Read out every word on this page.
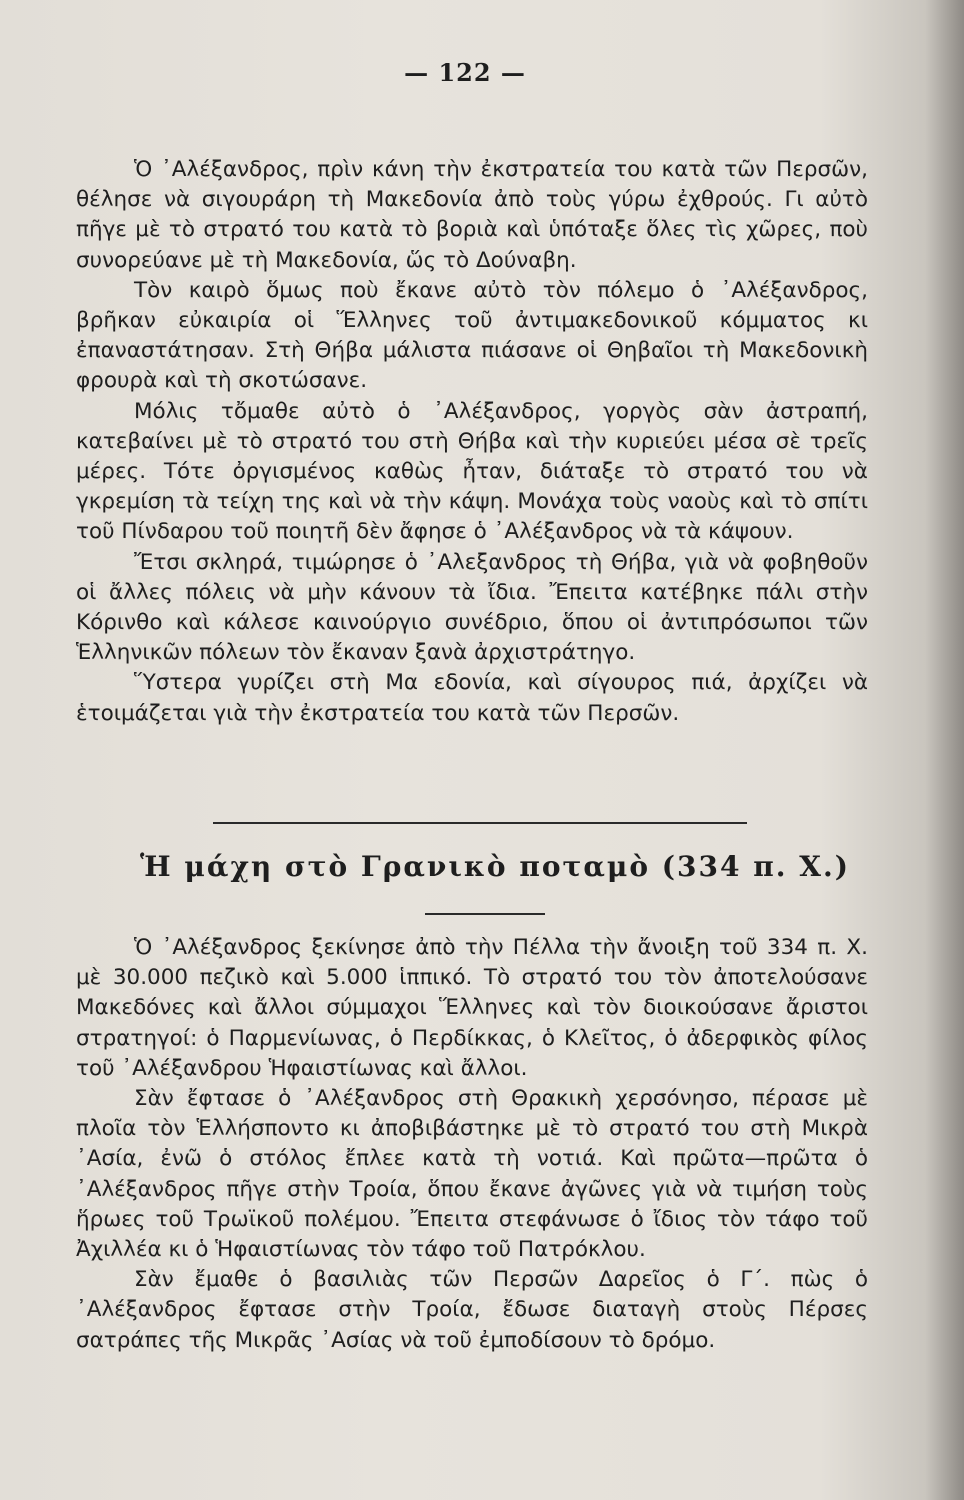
— 122 —

Ὁ ᾿Αλέξανδρος, πρὶν κάνη τὴν ἐκστρατεία του κατὰ τῶν Περσῶν, θέλησε νὰ σιγουράρη τὴ Μακεδονία ἀπὸ τοὺς γύρω ἐχθρούς. Γι αὐτὸ πῆγε μὲ τὸ στρατό του κατὰ τὸ βοριὰ καὶ ὑπόταξε ὅλες τὶς χῶρες, ποὺ συνορεύανε μὲ τὴ Μακεδονία, ὥς τὸ Δούναβη.

Τὸν καιρὸ ὅμως ποὺ ἔκανε αὐτὸ τὸν πόλεμο ὁ ᾿Αλέξανδρος, βρῆκαν εὐκαιρία οἱ Ἕλληνες τοῦ ἀντιμακεδονικοῦ κόμματος κι ἐπαναστάτησαν. Στὴ Θήβα μάλιστα πιάσανε οἱ Θηβαῖοι τὴ Μακεδονικὴ φρουρὰ καὶ τὴ σκοτώσανε.

Μόλις τὄμαθε αὐτὸ ὁ ᾿Αλέξανδρος, γοργὸς σὰν ἀστραπή, κατεβαίνει μὲ τὸ στρατό του στὴ Θήβα καὶ τὴν κυριεύει μέσα σὲ τρεῖς μέρες. Τότε ὀργισμένος καθὼς ἦταν, διάταξε τὸ στρατό του νὰ γκρεμίση τὰ τείχη της καὶ νὰ τὴν κάψη. Μονάχα τοὺς ναοὺς καὶ τὸ σπίτι τοῦ Πίνδαρου τοῦ ποιητῆ δὲν ἄφησε ὁ ᾿Αλέξανδρος νὰ τὰ κάψουν.

Ἔτσι σκληρά, τιμώρησε ὁ ᾿Αλεξανδρος τὴ Θήβα, γιὰ νὰ φοβηθοῦν οἱ ἄλλες πόλεις νὰ μὴν κάνουν τὰ ἴδια. Ἔπειτα κατέβηκε πάλι στὴν Κόρινθο καὶ κάλεσε καινούργιο συνέδριο, ὅπου οἱ ἀντιπρόσωποι τῶν Ἑλληνικῶν πόλεων τὸν ἔκαναν ξανὰ ἀρχιστράτηγο.

Ὕστερα γυρίζει στὴ Μα εδονία, καὶ σίγουρος πιά, ἀρχίζει νὰ ἑτοιμάζεται γιὰ τὴν ἐκστρατεία του κατὰ τῶν Περσῶν.

Ἡ μάχη στὸ Γρανικὸ ποταμὸ (334 π. Χ.)

Ὁ ᾿Αλέξανδρος ξεκίνησε ἀπὸ τὴν Πέλλα τὴν ἄνοιξη τοῦ 334 π. Χ. μὲ 30.000 πεζικὸ καὶ 5.000 ἱππικό. Τὸ στρατό του τὸν ἀποτελούσανε Μακεδόνες καὶ ἄλλοι σύμμαχοι Ἕλληνες καὶ τὸν διοικούσανε ἄριστοι στρατηγοί: ὁ Παρμενίωνας, ὁ Περδίκκας, ὁ Κλεῖτος, ὁ ἀδερφικὸς φίλος τοῦ ᾿Αλέξανδρου Ἡφαιστίωνας καὶ ἄλλοι.

Σὰν ἔφτασε ὁ ᾿Αλέξανδρος στὴ Θρακικὴ χερσόνησο, πέρασε μὲ πλοῖα τὸν Ἑλλήσποντο κι ἀποβιβάστηκε μὲ τὸ στρατό του στὴ Μικρὰ ᾿Ασία, ἐνῶ ὁ στόλος ἔπλεε κατὰ τὴ νοτιά. Καὶ πρῶτα—πρῶτα ὁ ᾿Αλέξανδρος πῆγε στὴν Τροία, ὅπου ἔκανε ἀγῶνες γιὰ νὰ τιμήση τοὺς ἥρωες τοῦ Τρωϊκοῦ πολέμου. Ἔπειτα στεφάνωσε ὁ ἴδιος τὸν τάφο τοῦ Ἀχιλλέα κι ὁ Ἡφαιστίωνας τὸν τάφο τοῦ Πατρόκλου.

Σὰν ἔμαθε ὁ βασιλιὰς τῶν Περσῶν Δαρεῖος ὁ Γ΄. πὼς ὁ ᾿Αλέξανδρος ἔφτασε στὴν Τροία, ἔδωσε διαταγὴ στοὺς Πέρσες σατράπες τῆς Μικρᾶς ᾿Ασίας νὰ τοῦ ἐμποδίσουν τὸ δρόμο.
